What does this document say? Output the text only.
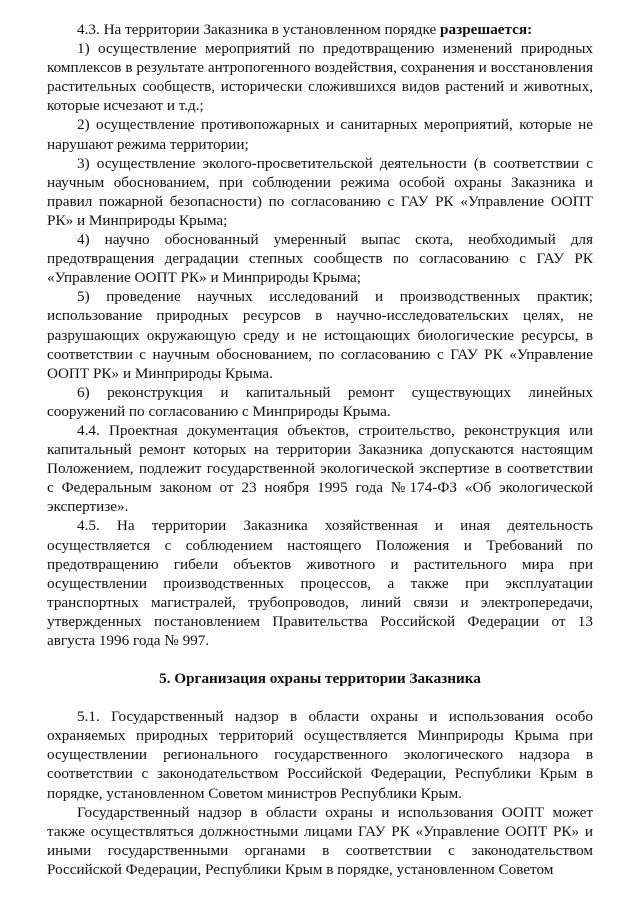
4.3. На территории Заказника в установленном порядке разрешается:

1) осуществление мероприятий по предотвращению изменений природных комплексов в результате антропогенного воздействия, сохранения и восстановления растительных сообществ, исторически сложившихся видов растений и животных, которые исчезают и т.д.;

2) осуществление противопожарных и санитарных мероприятий, которые не нарушают режима территории;

3) осуществление эколого-просветительской деятельности (в соответствии с научным обоснованием, при соблюдении режима особой охраны Заказника и правил пожарной безопасности) по согласованию с ГАУ РК «Управление ООПТ РК» и Минприроды Крыма;

4) научно обоснованный умеренный выпас скота, необходимый для предотвращения деградации степных сообществ по согласованию с ГАУ РК «Управление ООПТ РК» и Минприроды Крыма;

5) проведение научных исследований и производственных практик; использование природных ресурсов в научно-исследовательских целях, не разрушающих окружающую среду и не истощающих биологические ресурсы, в соответствии с научным обоснованием, по согласованию с ГАУ РК «Управление ООПТ РК» и Минприроды Крыма.

6) реконструкция и капитальный ремонт существующих линейных сооружений по согласованию с Минприроды Крыма.

4.4. Проектная документация объектов, строительство, реконструкция или капитальный ремонт которых на территории Заказника допускаются настоящим Положением, подлежит государственной экологической экспертизе в соответствии с Федеральным законом от 23 ноября 1995 года №174-ФЗ «Об экологической экспертизе».

4.5. На территории Заказника хозяйственная и иная деятельность осуществляется с соблюдением настоящего Положения и Требований по предотвращению гибели объектов животного и растительного мира при осуществлении производственных процессов, а также при эксплуатации транспортных магистралей, трубопроводов, линий связи и электропередачи, утвержденных постановлением Правительства Российской Федерации от 13 августа 1996 года № 997.

5. Организация охраны территории Заказника

5.1. Государственный надзор в области охраны и использования особо охраняемых природных территорий осуществляется Минприроды Крыма при осуществлении регионального государственного экологического надзора в соответствии с законодательством Российской Федерации, Республики Крым в порядке, установленном Советом министров Республики Крым.

Государственный надзор в области охраны и использования ООПТ может также осуществляться должностными лицами ГАУ РК «Управление ООПТ РК» и иными государственными органами в соответствии с законодательством Российской Федерации, Республики Крым в порядке, установленном Советом
